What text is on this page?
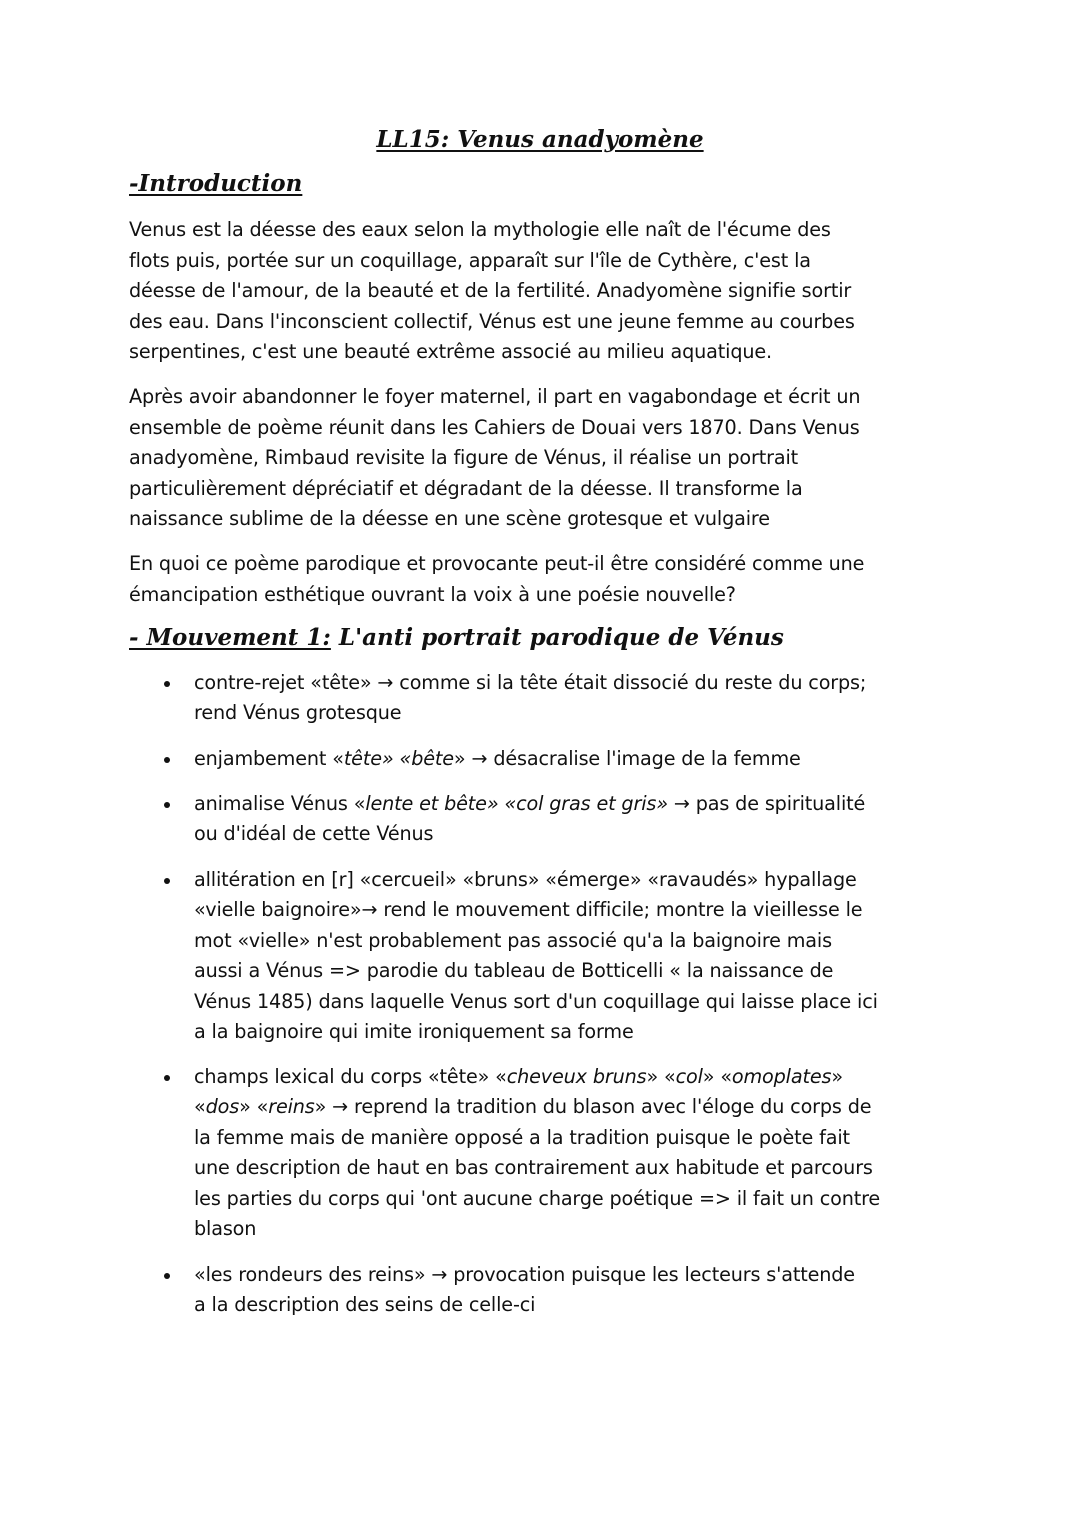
LL15: Venus anadyomène
-Introduction
Venus est la déesse des eaux selon la mythologie elle naît de l'écume des
flots puis, portée sur un coquillage, apparaît sur l'île de Cythère, c'est la
déesse de l'amour, de la beauté et de la fertilité. Anadyomène signifie sortir
des eau. Dans l'inconscient collectif, Vénus est une jeune femme au courbes
serpentines, c'est une beauté extrême associé au milieu aquatique.
Après avoir abandonner le foyer maternel, il part en vagabondage et écrit un
ensemble de poème réunit dans les Cahiers de Douai vers 1870. Dans Venus
anadyomène, Rimbaud revisite la figure de Vénus, il réalise un portrait
particulièrement dépréciatif et dégradant de la déesse. Il transforme la
naissance sublime de la déesse en une scène grotesque et vulgaire
En quoi ce poème parodique et provocante peut-il être considéré comme une
émancipation esthétique ouvrant la voix à une poésie nouvelle?
- Mouvement 1: L'anti portrait parodique de Vénus
contre-rejet «tête» → comme si la tête était dissocié du reste du corps;
rend Vénus grotesque
enjambement «tête» «bête» → désacralise l'image de la femme
animalise Vénus «lente et bête» «col gras et gris» → pas de spiritualité
ou d'idéal de cette Vénus
allitération en [r] «cercueil» «bruns» «émerge» «ravaudés» hypallage
«vielle baignoire»→ rend le mouvement difficile; montre la vieillesse le
mot «vielle» n'est probablement pas associé qu'a la baignoire mais
aussi a Vénus => parodie du tableau de Botticelli « la naissance de
Vénus 1485) dans laquelle Venus sort d'un coquillage qui laisse place ici
a la baignoire qui imite ironiquement sa forme
champs lexical du corps «tête» «cheveux bruns» «col» «omoplates»
«dos» «reins» → reprend la tradition du blason avec l'éloge du corps de
la femme mais de manière opposé a la tradition puisque le poète fait
une description de haut en bas contrairement aux habitude et parcours
les parties du corps qui 'ont aucune charge poétique => il fait un contre
blason
«les rondeurs des reins» → provocation puisque les lecteurs s'attende
a la description des seins de celle-ci
